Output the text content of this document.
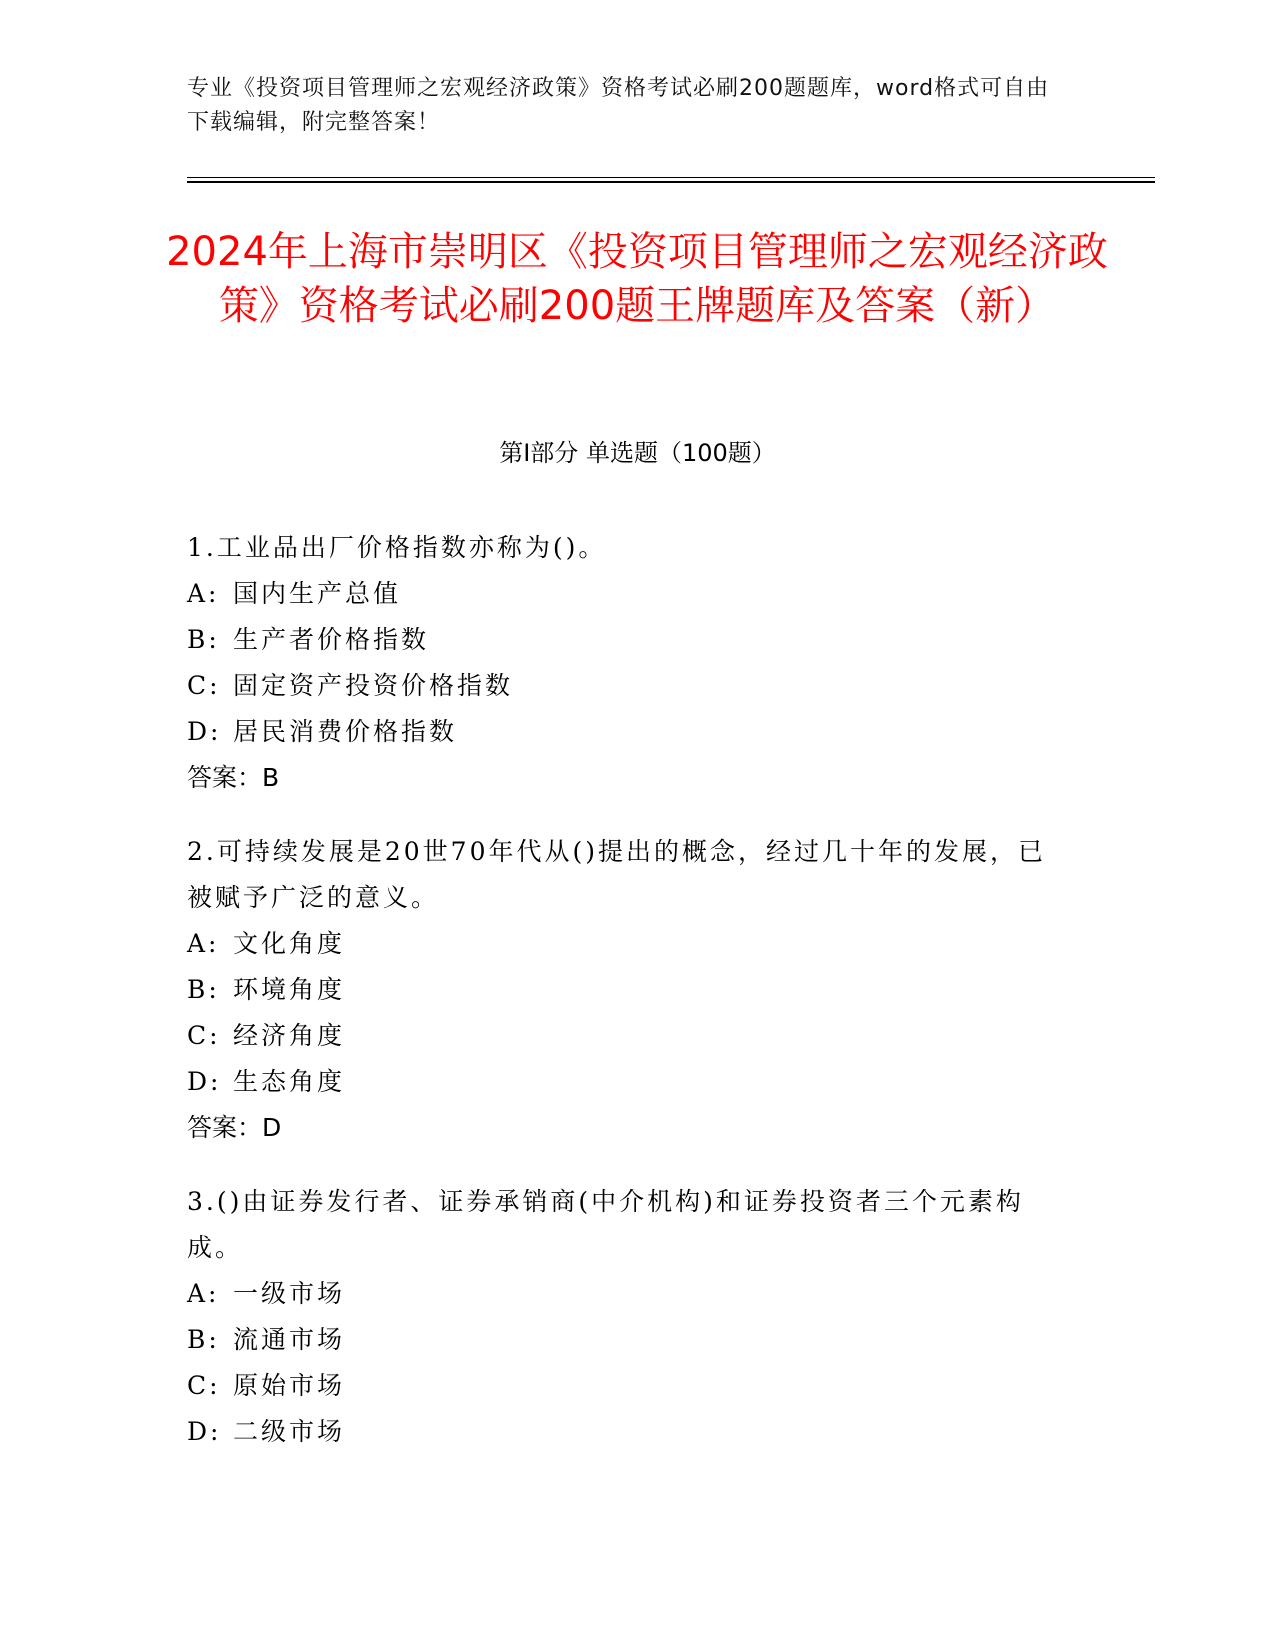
专业《投资项目管理师之宏观经济政策》资格考试必刷200题题库，word格式可自由下载编辑，附完整答案！
2024年上海市崇明区《投资项目管理师之宏观经济政策》资格考试必刷200题王牌题库及答案（新）
第I部分 单选题（100题）
1.工业品出厂价格指数亦称为()。
A: 国内生产总值
B: 生产者价格指数
C: 固定资产投资价格指数
D: 居民消费价格指数
答案：B
2.可持续发展是20世70年代从()提出的概念，经过几十年的发展，已被赋予广泛的意义。
A: 文化角度
B: 环境角度
C: 经济角度
D: 生态角度
答案：D
3.()由证券发行者、证券承销商(中介机构)和证券投资者三个元素构成。
A: 一级市场
B: 流通市场
C: 原始市场
D: 二级市场
